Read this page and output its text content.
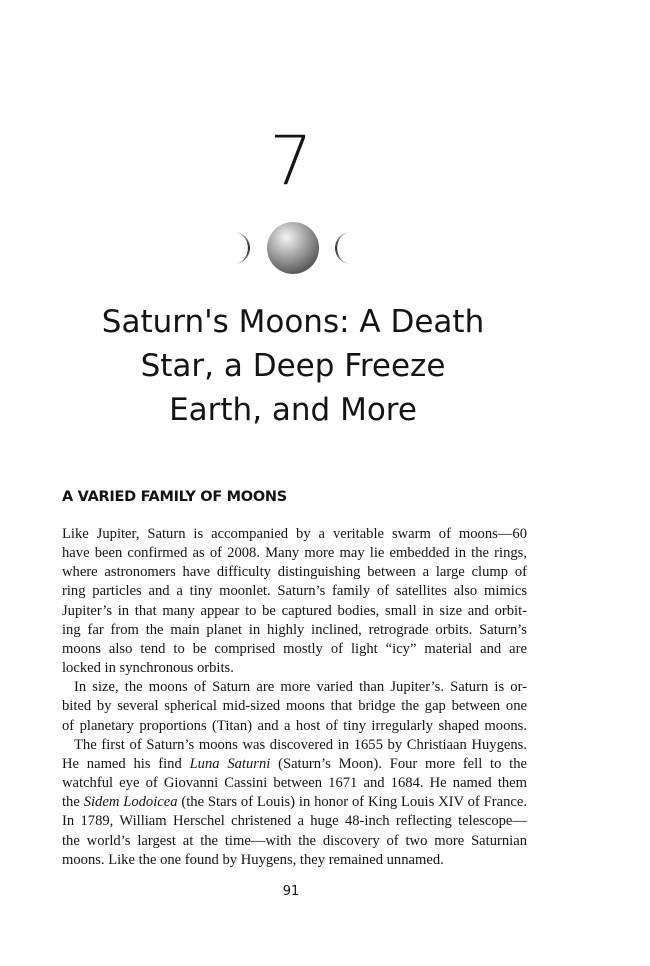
7
Saturn's Moons: A Death
Star, a Deep Freeze
Earth, and More
A VARIED FAMILY OF MOONS
Like Jupiter, Saturn is accompanied by a veritable swarm of moons—60
have been confirmed as of 2008. Many more may lie embedded in the rings,
where astronomers have difficulty distinguishing between a large clump of
ring particles and a tiny moonlet. Saturn’s family of satellites also mimics
Jupiter’s in that many appear to be captured bodies, small in size and orbit-
ing far from the main planet in highly inclined, retrograde orbits. Saturn’s
moons also tend to be comprised mostly of light “icy” material and are
locked in synchronous orbits.
In size, the moons of Saturn are more varied than Jupiter’s. Saturn is or-
bited by several spherical mid-sized moons that bridge the gap between one
of planetary proportions (Titan) and a host of tiny irregularly shaped moons.
The first of Saturn’s moons was discovered in 1655 by Christiaan Huygens.
He named his find Luna Saturni (Saturn’s Moon). Four more fell to the
watchful eye of Giovanni Cassini between 1671 and 1684. He named them
the Sidem Lodoicea (the Stars of Louis) in honor of King Louis XIV of France.
In 1789, William Herschel christened a huge 48-inch reflecting telescope—
the world’s largest at the time—with the discovery of two more Saturnian
moons. Like the one found by Huygens, they remained unnamed.
91
